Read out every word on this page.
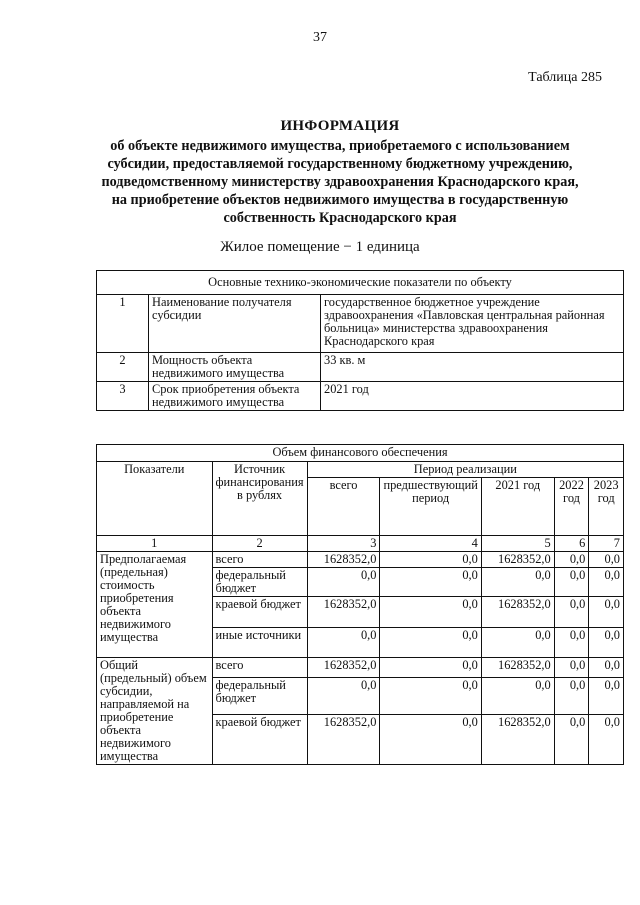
37
Таблица 285
ИНФОРМАЦИЯ
об объекте недвижимого имущества, приобретаемого с использованием
субсидии, предоставляемой государственному бюджетному учреждению,
подведомственному министерству здравоохранения Краснодарского края,
на приобретение объектов недвижимого имущества в государственную
собственность Краснодарского края
Жилое помещение − 1 единица
Основные технико-экономические показатели по объекту		
1	Наименование получателя субсидии	государственное бюджетное учреждение здравоохранения «Павловская центральная районная больница» министерства здравоохранения Краснодарского края
2	Мощность объекта недвижимого имущества	33 кв. м
3	Срок приобретения объекта недвижимого имущества	2021 год
Объем финансового обеспечения						
Показатели	Источник финансирования в рублях	Период реализации				
		всего	предшествующий период	2021 год	2022 год	2023 год
1	2	3	4	5	6	7
Предполагаемая (предельная) стоимость приобретения объекта недвижимого имущества	всего	1628352,0	0,0	1628352,0	0,0	0,0
	федеральный бюджет	0,0	0,0	0,0	0,0	0,0
	краевой бюджет	1628352,0	0,0	1628352,0	0,0	0,0
	иные источники	0,0	0,0	0,0	0,0	0,0
Общий (предельный) объем субсидии, направляемой на приобретение объекта недвижимого имущества	всего	1628352,0	0,0	1628352,0	0,0	0,0
	федеральный бюджет	0,0	0,0	0,0	0,0	0,0
	краевой бюджет	1628352,0	0,0	1628352,0	0,0	0,0
